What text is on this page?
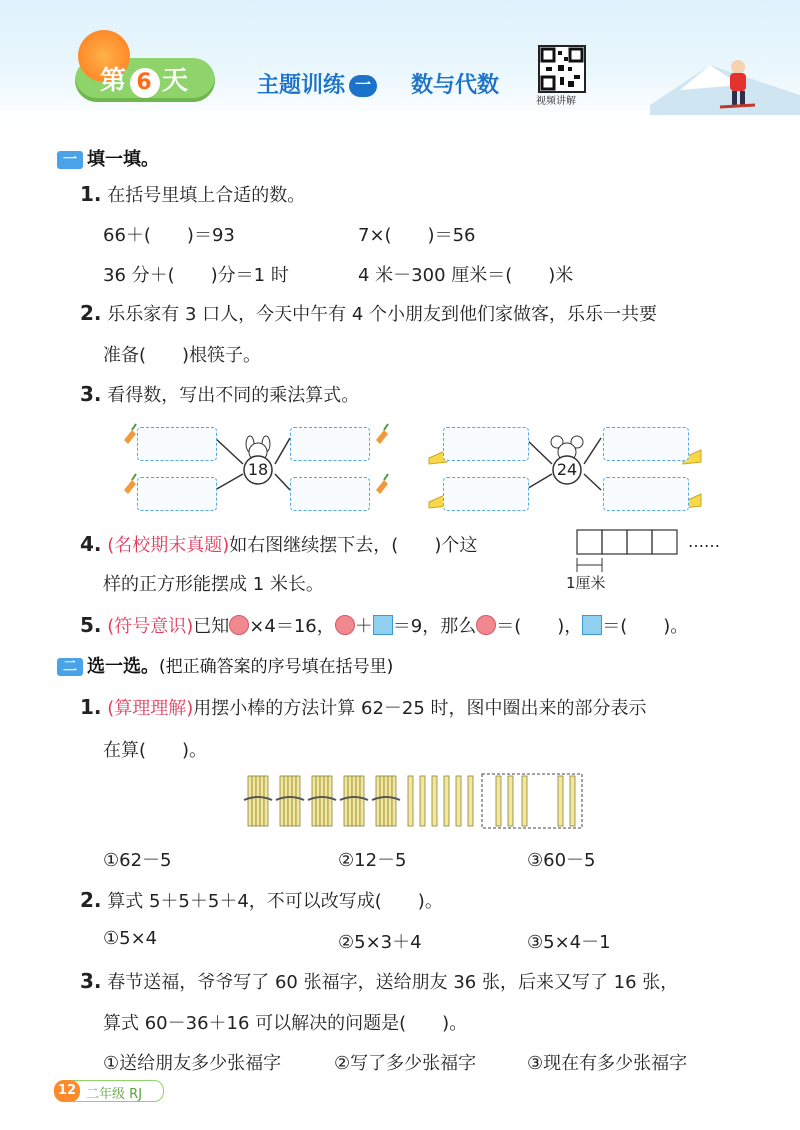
第 6 天	主题训练 一 数与代数
视频讲解
一 填一填。
1. 在括号里填上合适的数。
66＋(　　)＝93	7×(　　)＝56
36 分＋(　　)分＝1 时	4 米－300 厘米＝(　　)米
2. 乐乐家有 3 口人，今天中午有 4 个小朋友到他们家做客，乐乐一共要
准备(　　)根筷子。
3. 看得数，写出不同的乘法算式。
18	24
4. (名校期末真题)如右图继续摆下去，(　　)个这
样的正方形能摆成 1 米长。
……
1厘米
5. (符号意识)已知 ×4＝16， ＋ ＝9，那么 ＝(　　)， ＝(　　)。
二 选一选。(把正确答案的序号填在括号里)
1. (算理理解)用摆小棒的方法计算 62－25 时，图中圈出来的部分表示
在算(　　)。
①62－5	②12－5	③60－5
2. 算式 5＋5＋5＋4，不可以改写成(　　)。
①5×4	②5×3＋4	③5×4－1
3. 春节送福，爷爷写了 60 张福字，送给朋友 36 张，后来又写了 16 张，
算式 60－36＋16 可以解决的问题是(　　)。
①送给朋友多少张福字	②写了多少张福字	③现在有多少张福字
12 二年级 RJ
